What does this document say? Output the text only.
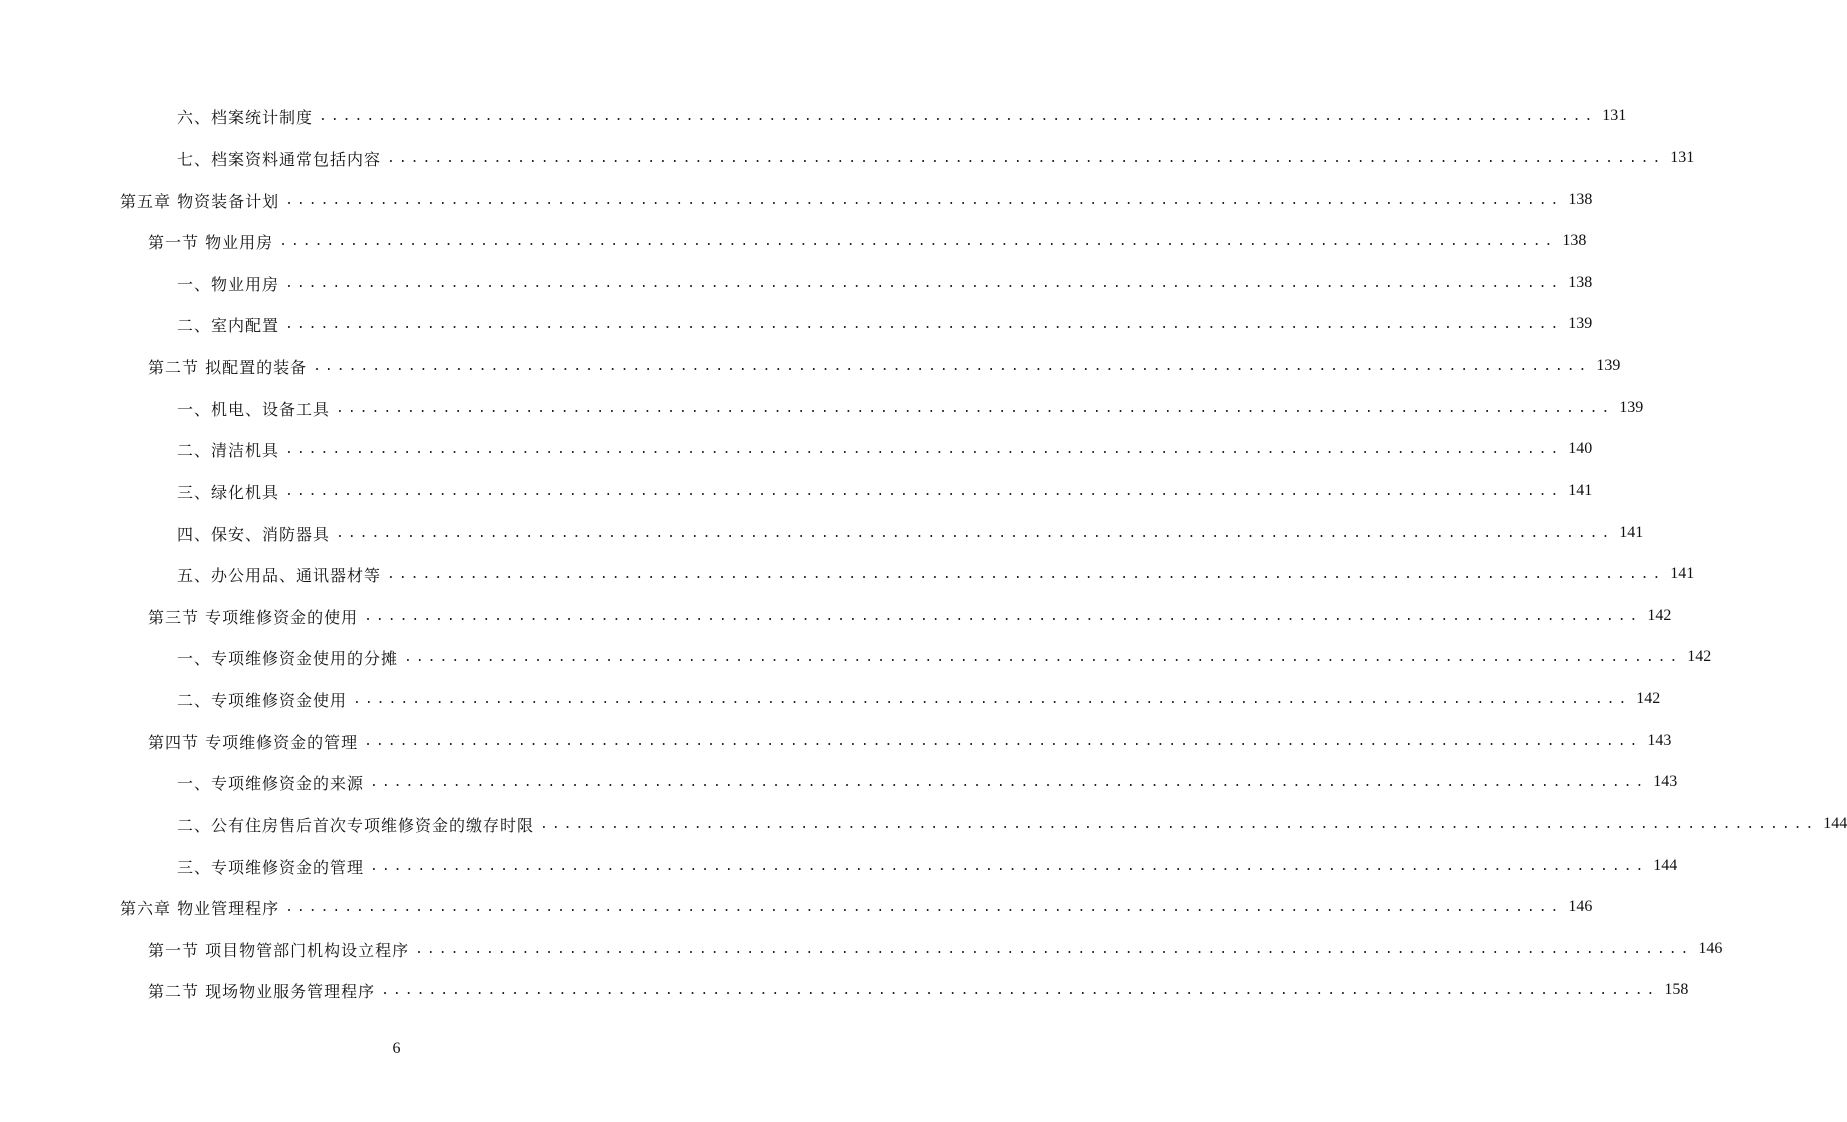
六、档案统计制度 ............................................................................................................ 131
七、档案资料通常包括内容 ............................................................................................................ 131
第五章 物资装备计划 ............................................................................................................ 138
第一节 物业用房 ............................................................................................................ 138
一、物业用房 ............................................................................................................ 138
二、室内配置 ............................................................................................................ 139
第二节 拟配置的装备 ............................................................................................................ 139
一、机电、设备工具 ............................................................................................................ 139
二、清洁机具 ............................................................................................................ 140
三、绿化机具 ............................................................................................................ 141
四、保安、消防器具 ............................................................................................................ 141
五、办公用品、通讯器材等 ............................................................................................................ 141
第三节 专项维修资金的使用 ............................................................................................................ 142
一、专项维修资金使用的分摊 ............................................................................................................ 142
二、专项维修资金使用 ............................................................................................................ 142
第四节 专项维修资金的管理 ............................................................................................................ 143
一、专项维修资金的来源 ............................................................................................................ 143
二、公有住房售后首次专项维修资金的缴存时限 ............................................................................................................ 144
三、专项维修资金的管理 ............................................................................................................ 144
第六章 物业管理程序 ............................................................................................................ 146
第一节 项目物管部门机构设立程序 ............................................................................................................ 146
第二节 现场物业服务管理程序 ............................................................................................................ 158
6
